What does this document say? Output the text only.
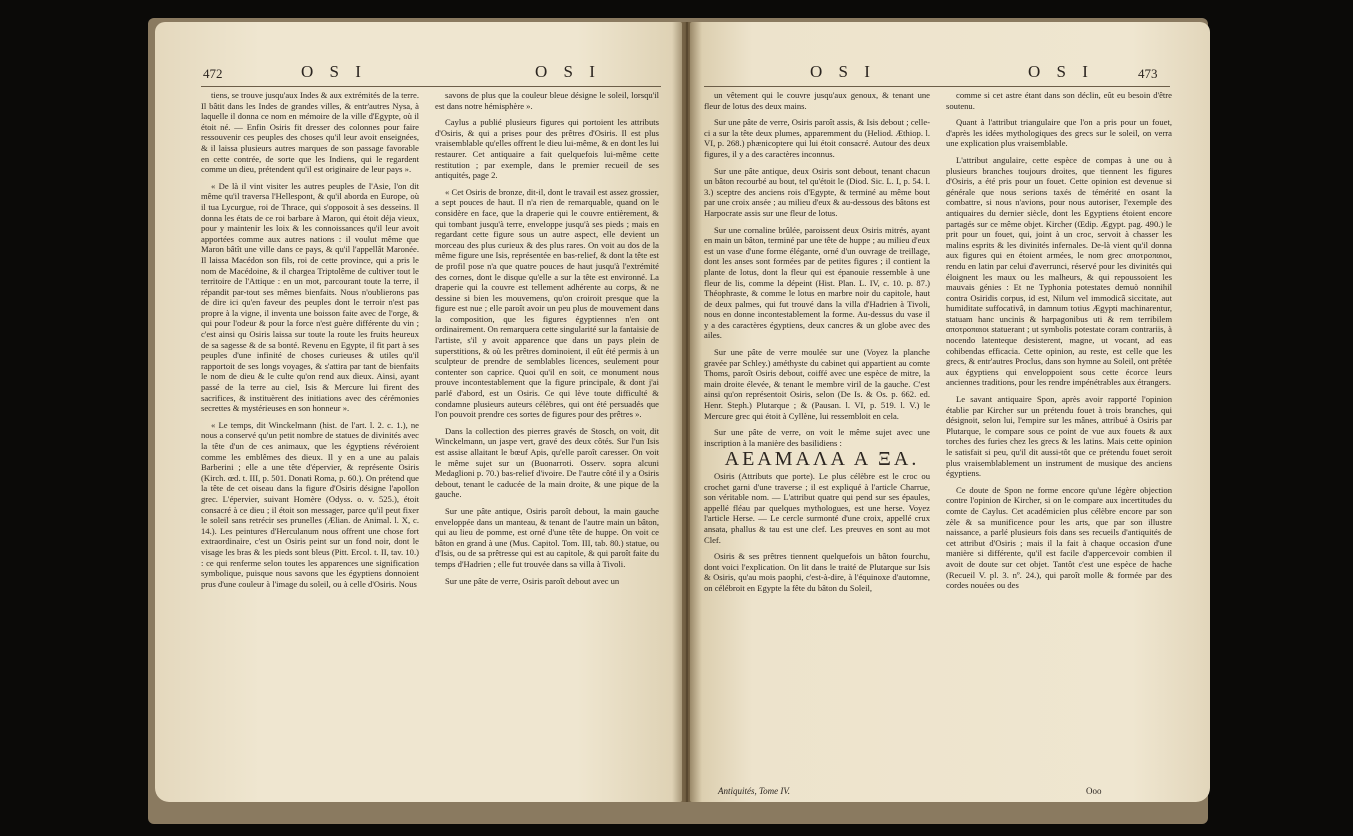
472	O S I	O S I

tiens, se trouve jusqu'aux Indes & aux extrémités de la terre. Il bâtit dans les Indes de grandes villes, & entr'autres Nysa, à laquelle il donna ce nom en mémoire de la ville d'Egypte, où il étoit né. — Enfin Osiris fit dresser des colonnes pour faire ressouvenir ces peuples des choses qu'il leur avoit enseignées, & il laissa plusieurs autres marques de son passage favorable en cette contrée, de sorte que les Indiens, qui le regardent comme un dieu, prétendent qu'il est originaire de leur pays ».

« De là il vint visiter les autres peuples de l'Asie, l'on dit même qu'il traversa l'Hellespont, & qu'il aborda en Europe, où il tua Lycurgue, roi de Thrace, qui s'opposoit à ses desseins. Il donna les états de ce roi barbare à Maron, qui étoit déja vieux, pour y maintenir les loix & les connoissances qu'il leur avoit apportées comme aux autres nations : il voulut même que Maron bâtît une ville dans ce pays, & qu'il l'appellât Maronée. Il laissa Macédon son fils, roi de cette province, qui a pris le nom de Macédoine, & il chargea Triptolême de cultiver tout le territoire de l'Attique : en un mot, parcourant toute la terre, il répandit par-tout ses mêmes bienfaits. Nous n'oublierons pas de dire ici qu'en faveur des peuples dont le terroir n'est pas propre à la vigne, il inventa une boisson faite avec de l'orge, & qui pour l'odeur & pour la force n'est guère différente du vin ; c'est ainsi qu Osiris laissa sur toute la route les fruits heureux de sa sagesse & de sa bonté. Revenu en Egypte, il fit part à ses peuples d'une infinité de choses curieuses & utiles qu'il rapportoit de ses longs voyages, & s'attira par tant de bienfaits le nom de dieu & le culte qu'on rend aux dieux. Ainsi, ayant passé de la terre au ciel, Isis & Mercure lui firent des sacrifices, & instituèrent des initiations avec des cérémonies secrettes & mystérieuses en son honneur ».

« Le temps, dit Winckelmann (hist. de l'art. l. 2. c. 1.), ne nous a conservé qu'un petit nombre de statues de divinités avec la tête d'un de ces animaux, que les égyptiens révéroient comme les emblêmes des dieux. Il y en a une au palais Barberini ; elle a une tête d'épervier, & représente Osiris (Kirch. œd. t. III, p. 501. Donati Roma, p. 60.). On prétend que la tête de cet oiseau dans la figure d'Osiris désigne l'apollon grec. L'épervier, suivant Homère (Odyss. o. v. 525.), étoit consacré à ce dieu ; il étoit son messager, parce qu'il peut fixer le soleil sans retrécir ses prunelles (Ælian. de Animal. l. X, c. 14.). Les peintures d'Herculanum nous offrent une chose fort extraordinaire, c'est un Osiris peint sur un fond noir, dont le visage les bras & les pieds sont bleus (Pitt. Ercol. t. II, tav. 10.) : ce qui renferme selon toutes les apparences une signification symbolique, puisque nous savons que les égyptiens donnoient prus d'une couleur à l'image du soleil, ou à celle d'Osiris. Nous

savons de plus que la couleur bleue désigne le soleil, lorsqu'il est dans notre hémisphère ».

Caylus a publié plusieurs figures qui portoient les attributs d'Osiris, & qui a prises pour des prêtres d'Osiris. Il est plus vraisemblable qu'elles offrent le dieu lui-même, & en dont les lui restaurer. Cet antiquaire a fait quelquefois lui-même cette restitution ; par exemple, dans le premier recueil de ses antiquités, page 2.

« Cet Osiris de bronze, dit-il, dont le travail est assez grossier, a sept pouces de haut. Il n'a rien de remarquable, quand on le considère en face, que la draperie qui le couvre entièrement, & qui tombant jusqu'à terre, enveloppe jusqu'à ses pieds ; mais en regardant cette figure sous un autre aspect, elle devient un morceau des plus curieux & des plus rares. On voit au dos de la même figure une Isis, représentée en bas-relief, & dont la tête est de profil pose n'a que quatre pouces de haut jusqu'à l'extrémité des cornes, dont le disque qu'elle a sur la tête est environné. La draperie qui la couvre est tellement adhérente au corps, & ne dessine si bien les mouvemens, qu'on croiroit presque que la figure est nue ; elle paroît avoir un peu plus de mouvement dans la composition, que les figures égyptiennes n'en ont ordinairement. On remarquera cette singularité sur la fantaisie de l'artiste, s'il y avoit apparence que dans un pays plein de superstitions, & où les prêtres dominoient, il eût été permis à un sculpteur de prendre de semblables licences, seulement pour contenter son caprice. Quoi qu'il en soit, ce monument nous prouve incontestablement que la figure principale, & dont j'ai parlé d'abord, est un Osiris. Ce qui lève toute difficulté & condamne plusieurs auteurs célèbres, qui ont été persuadés que l'on pouvoit prendre ces sortes de figures pour des prêtres ».

Dans la collection des pierres gravés de Stosch, on voit, dit Winckelmann, un jaspe vert, gravé des deux côtés. Sur l'un Isis est assise allaitant le bœuf Apis, qu'elle paroît caresser. On voit le même sujet sur un (Buonarroti. Osserv. sopra alcuni Medaglioni p. 70.) bas-relief d'ivoire. De l'autre côté il y a Osiris debout, tenant le caducée de la main droite, & une pique de la gauche.

Sur une pâte antique, Osiris paroît debout, la main gauche enveloppée dans un manteau, & tenant de l'autre main un bâton, qui au lieu de pomme, est orné d'une tête de huppe. On voit ce bâton en grand à une (Mus. Capitol. Tom. III, tab. 80.) statue, ou d'Isis, ou de sa prêtresse qui est au capitole, & qui paroît faite du temps d'Hadrien ; elle fut trouvée dans sa villa à Tivoli.

Sur une pâte de verre, Osiris paroît debout avec un

O S I	O S I	473

un vêtement qui le couvre jusqu'aux genoux, & tenant une fleur de lotus des deux mains.

Sur une pâte de verre, Osiris paroît assis, & Isis debout ; celle-ci a sur la tête deux plumes, apparemment du (Heliod. Æthiop. l. VI, p. 268.) phænicoptere qui lui étoit consacré. Autour des deux figures, il y a des caractères inconnus.

Sur une pâte antique, deux Osiris sont debout, tenant chacun un bâton recourbé au bout, tel qu'étoit le (Diod. Sic. L. I, p. 54. l. 3.) sceptre des anciens rois d'Egypte, & terminé au même bout par une croix ansée ; au milieu d'eux & au-dessous des bâtons est Harpocrate assis sur une fleur de lotus.

Sur une cornaline brûlée, paroissent deux Osiris mitrés, ayant en main un bâton, terminé par une tête de huppe ; au milieu d'eux est un vase d'une forme élégante, orné d'un ouvrage de treillage, dont les anses sont formées par de petites figures ; il contient la plante de lotus, dont la fleur qui est épanouie ressemble à une fleur de lis, comme la dépeint (Hist. Plan. L. IV, c. 10. p. 87.) Théophraste, & comme le lotus en marbre noir du capitole, haut de deux palmes, qui fut trouvé dans la villa d'Hadrien à Tivoli, nous en donne incontestablement la forme. Au-dessus du vase il y a des caractères égyptiens, deux cancres & un globe avec des ailes.

Sur une pâte de verre moulée sur une (Voyez la planche gravée par Schley.) améthyste du cabinet qui appartient au comte Thoms, paroît Osiris debout, coiffé avec une espèce de mitre, la main droite élevée, & tenant le membre viril de la gauche. C'est ainsi qu'on représentoit Osiris, selon (De Is. & Os. p. 662. ed. Henr. Steph.) Plutarque ; & (Pausan. l. VI, p. 519. l. V.) le Mercure grec qui étoit à Cyllène, lui ressembloit en cela.

Sur une pâte de verre, on voit le même sujet avec une inscription à la manière des basilidiens :

ΑΕΑΜΑΛΑ Α ΞΑ.

Osiris (Attributs que porte). Le plus célèbre est le croc ou crochet garni d'une traverse ; il est expliqué à l'article Charrue, son véritable nom. — L'attribut quatre qui pend sur ses épaules, appellé fléau par quelques mythologues, est une herse. Voyez l'article Herse. — Le cercle surmonté d'une croix, appellé crux ansata, phallus & tau est une clef. Les preuves en sont au mot Clef.

Osiris & ses prêtres tiennent quelquefois un bâton fourchu, dont voici l'explication. On lit dans le traité de Plutarque sur Isis & Osiris, qu'au mois paophi, c'est-à-dire, à l'équinoxe d'automne, on célébroit en Egypte la fête du bâton du Soleil,

comme si cet astre étant dans son déclin, eût eu besoin d'être soutenu.

Quant à l'attribut triangulaire que l'on a pris pour un fouet, d'après les idées mythologiques des grecs sur le soleil, on verra une explication plus vraisemblable.

L'attribut angulaire, cette espèce de compas à une ou à plusieurs branches toujours droites, que tiennent les figures d'Osiris, a été pris pour un fouet. Cette opinion est devenue si générale que nous serions taxés de témérité en osant la combattre, si nous n'avions, pour nous autoriser, l'exemple des antiquaires du dernier siècle, dont les Egyptiens étoient encore partagés sur ce même objet. Kircher (Œdip. Ægypt. pag. 490.) le prit pour un fouet, qui, joint à un croc, servoit à chasser les malins esprits & les divinités infernales. De-là vient qu'il donna aux figures qui en étoient armées, le nom grec αποτροπαιοι, rendu en latin par celui d'averrunci, réservé pour les divinités qui éloignent les maux ou les malheurs, & qui repoussoient les mauvais génies : Et ne Typhonia potestates demuò nonnihil contra Osiridis corpus, id est, Nilum vel immodicâ siccitate, aut humiditate suffocativâ, in damnum totius Ægypti machinarentur, statuam hanc uncinis & harpagonibus uti & rem terribilem αποτροπαιοι statuerant ; ut symbolis potestate coram contrariis, à nocendo latenteque desisterent, magne, ut vocant, ad eas cohibendas efficacia. Cette opinion, au reste, est celle que les grecs, & entr'autres Proclus, dans son hymne au Soleil, ont prêtée aux égyptiens qui enveloppoient sous cette écorce leurs anciennes traditions, pour les rendre impénétrables aux étrangers.

Le savant antiquaire Spon, après avoir rapporté l'opinion établie par Kircher sur un prétendu fouet à trois branches, qui désignoit, selon lui, l'empire sur les mânes, attribué à Osiris par Plutarque, le compare sous ce point de vue aux fouets & aux torches des furies chez les grecs & les latins. Mais cette opinion le satisfait si peu, qu'il dit aussi-tôt que ce prétendu fouet seroit plus vraisemblablement un instrument de musique des anciens égyptiens.

Ce doute de Spon ne forme encore qu'une légère objection contre l'opinion de Kircher, si on le compare aux incertitudes du comte de Caylus. Cet académicien plus célèbre encore par son zèle & sa munificence pour les arts, que par son illustre naissance, a parlé plusieurs fois dans ses recueils d'antiquités de cet attribut d'Osiris ; mais il la fait à chaque occasion d'une manière si différente, qu'il est facile d'appercevoir combien il avoit de doute sur cet objet. Tantôt c'est une espèce de hache (Recueil V. pl. 3. nº. 24.), qui paroît molle & formée par des cordes nouées ou des

Antiquités, Tome IV.	Ooo
